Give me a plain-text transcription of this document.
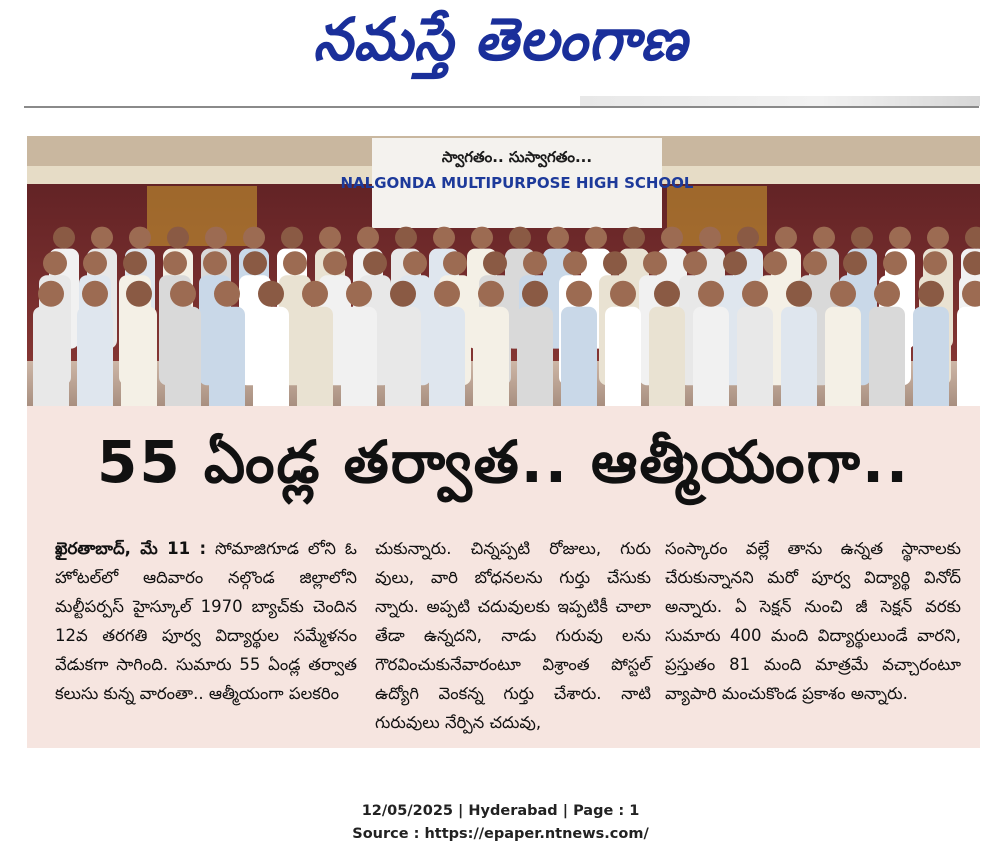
నమస్తే తెలంగాణ
స్వాగతం.. సుస్వాగతం...
NALGONDA MULTIPURPOSE HIGH SCHOOL
55 ఏండ్ల తర్వాత.. ఆత్మీయంగా..
ఖైరతాబాద్, మే 11 : సోమాజిగూడ లోని ఓ హోటల్‌లో ఆదివారం నల్గొండ జిల్లాలోని మల్టీపర్పస్ హైస్కూల్ 1970 బ్యాచ్‌కు చెందిన 12వ తరగతి పూర్వ విద్యార్థుల సమ్మేళనం వేడుకగా సాగింది. సుమారు 55 ఏండ్ల తర్వాత కలుసు కున్న వారంతా.. ఆత్మీయంగా పలకరిం
చుకున్నారు. చిన్నప్పటి రోజులు, గురు వులు, వారి బోధనలను గుర్తు చేసుకు న్నారు. అప్పటి చదువులకు ఇప్పటికీ చాలా తేడా ఉన్నదని, నాడు గురువు లను గౌరవించుకునేవారంటూ విశ్రాంత పోస్టల్ ఉద్యోగి వెంకన్న గుర్తు చేశారు. నాటి గురువులు నేర్పిన చదువు,
సంస్కారం వల్లే తాను ఉన్నత స్థానాలకు చేరుకున్నానని మరో పూర్వ విద్యార్థి వినోద్ అన్నారు. ఏ సెక్షన్ నుంచి జీ సెక్షన్ వరకు సుమారు 400 మంది విద్యార్థులుండే వారని, ప్రస్తుతం 81 మంది మాత్రమే వచ్చారంటూ వ్యాపారి మంచుకొండ ప్రకాశం అన్నారు.
12/05/2025 | Hyderabad | Page : 1
Source : https://epaper.ntnews.com/
